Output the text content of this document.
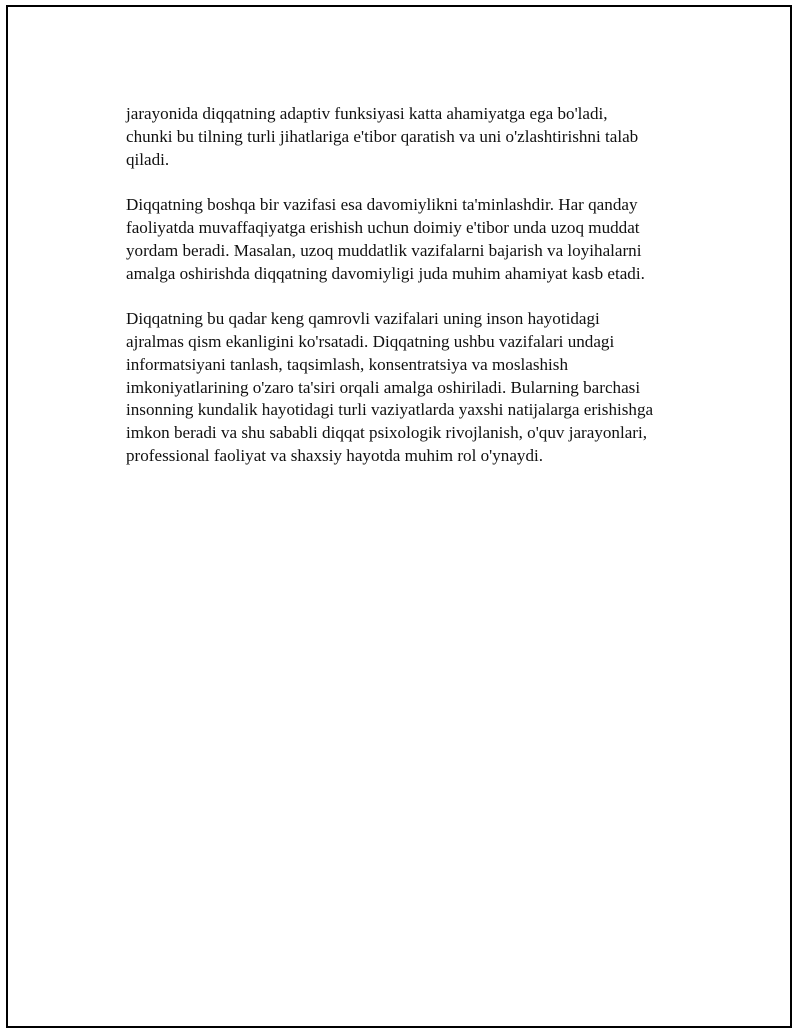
jarayonida diqqatning adaptiv funksiyasi katta ahamiyatga ega bo'ladi,
chunki bu tilning turli jihatlariga e'tibor qaratish va uni o'zlashtirishni talab
qiladi.

Diqqatning boshqa bir vazifasi esa davomiylikni ta'minlashdir. Har qanday
faoliyatda muvaffaqiyatga erishish uchun doimiy e'tibor unda uzoq muddat
yordam beradi. Masalan, uzoq muddatlik vazifalarni bajarish va loyihalarni
amalga oshirishda diqqatning davomiyligi juda muhim ahamiyat kasb etadi.

Diqqatning bu qadar keng qamrovli vazifalari uning inson hayotidagi
ajralmas qism ekanligini ko'rsatadi. Diqqatning ushbu vazifalari undagi
informatsiyani tanlash, taqsimlash, konsentratsiya va moslashish
imkoniyatlarining o'zaro ta'siri orqali amalga oshiriladi. Bularning barchasi
insonning kundalik hayotidagi turli vaziyatlarda yaxshi natijalarga erishishga
imkon beradi va shu sababli diqqat psixologik rivojlanish, o'quv jarayonlari,
professional faoliyat va shaxsiy hayotda muhim rol o'ynaydi.
